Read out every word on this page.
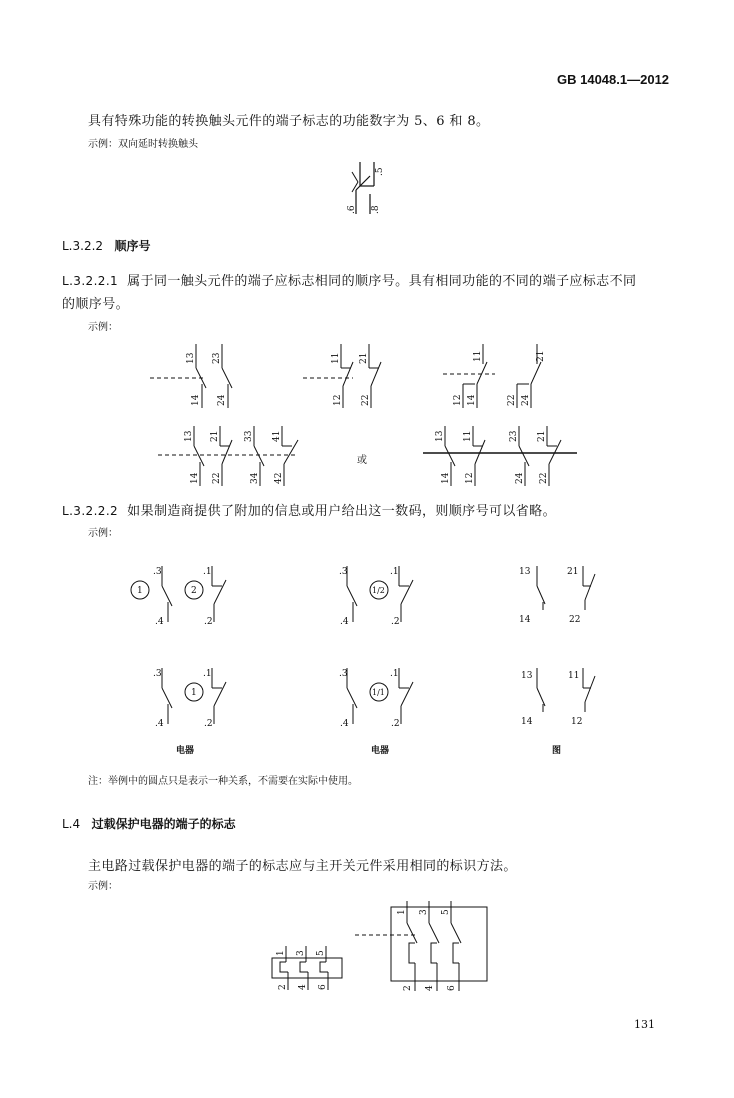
GB 14048.1—2012
具有特殊功能的转换触头元件的端子标志的功能数字为 5、6 和 8。
示例：双向延时转换触头
.5
.6 .8
L.3.2.2 顺序号
L.3.2.2.1 属于同一触头元件的端子应标志相同的顺序号。具有相同功能的不同的端子应标志不同
的顺序号。
示例：
13
14
23
24
11
12
21
22
11
12 14
21
22 24
13
14
21
22
33
34
41
42
或
13
14
11
12
23
24
21
22
L.3.2.2.2 如果制造商提供了附加的信息或用户给出这一数码，则顺序号可以省略。
示例：
1	2
.3
.4
.1
.2
1/2
.3
.4
.1
.2
13
14
21
22
1
.3
.4
.1
.2
1/1
.3
.4
.1
.2
13
14
11
12
电器	电器	图
注：举例中的圆点只是表示一种关系，不需要在实际中使用。
L.4 过载保护电器的端子的标志
主电路过载保护电器的端子的标志应与主开关元件采用相同的标识方法。
示例：
1 3 5
2 4 6
1 3 5
2 4 6
131
